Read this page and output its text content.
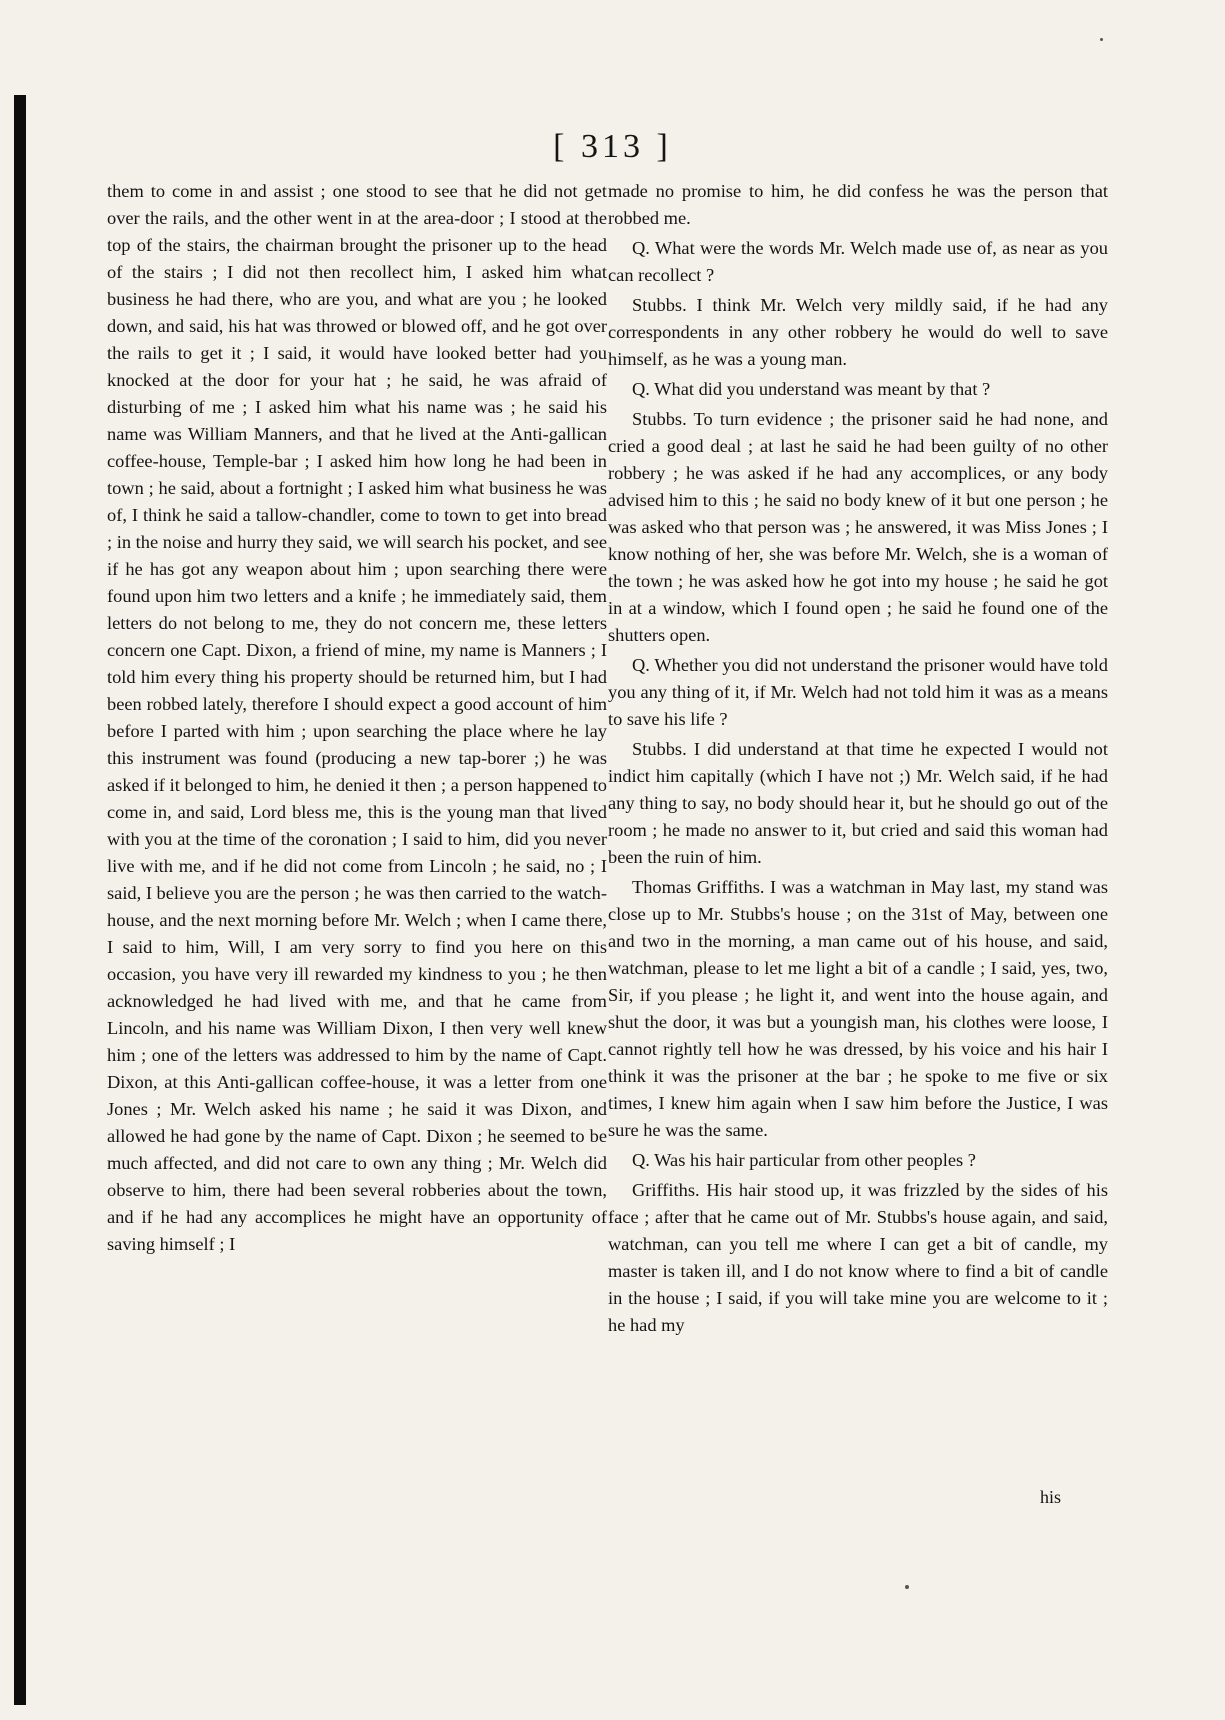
[ 313 ]

them to come in and assist ; one stood to see that he did not get over the rails, and the other went in at the area-door ; I stood at the top of the stairs, the chairman brought the prisoner up to the head of the stairs ; I did not then recollect him, I asked him what business he had there, who are you, and what are you ; he looked down, and said, his hat was throwed or blowed off, and he got over the rails to get it ; I said, it would have looked better had you knocked at the door for your hat ; he said, he was afraid of disturbing of me ; I asked him what his name was ; he said his name was William Manners, and that he lived at the Anti-gallican coffee-house, Temple-bar ; I asked him how long he had been in town ; he said, about a fortnight ; I asked him what business he was of, I think he said a tallow-chandler, come to town to get into bread ; in the noise and hurry they said, we will search his pocket, and see if he has got any weapon about him ; upon searching there were found upon him two letters and a knife ; he immediately said, them letters do not belong to me, they do not concern me, these letters concern one Capt. Dixon, a friend of mine, my name is Manners ; I told him every thing his property should be returned him, but I had been robbed lately, therefore I should expect a good account of him before I parted with him ; upon searching the place where he lay this instrument was found (producing a new tap-borer ;) he was asked if it belonged to him, he denied it then ; a person happened to come in, and said, Lord bless me, this is the young man that lived with you at the time of the coronation ; I said to him, did you never live with me, and if he did not come from Lincoln ; he said, no ; I said, I believe you are the person ; he was then carried to the watch-house, and the next morning before Mr. Welch ; when I came there, I said to him, Will, I am very sorry to find you here on this occasion, you have very ill rewarded my kindness to you ; he then acknowledged he had lived with me, and that he came from Lincoln, and his name was William Dixon, I then very well knew him ; one of the letters was addressed to him by the name of Capt. Dixon, at this Anti-gallican coffee-house, it was a letter from one Jones ; Mr. Welch asked his name ; he said it was Dixon, and allowed he had gone by the name of Capt. Dixon ; he seemed to be much affected, and did not care to own any thing ; Mr. Welch did observe to him, there had been several robberies about the town, and if he had any accomplices he might have an opportunity of saving himself ; I

made no promise to him, he did confess he was the person that robbed me.

Q. What were the words Mr. Welch made use of, as near as you can recollect ?

Stubbs. I think Mr. Welch very mildly said, if he had any correspondents in any other robbery he would do well to save himself, as he was a young man.

Q. What did you understand was meant by that ?

Stubbs. To turn evidence ; the prisoner said he had none, and cried a good deal ; at last he said he had been guilty of no other robbery ; he was asked if he had any accomplices, or any body advised him to this ; he said no body knew of it but one person ; he was asked who that person was ; he answered, it was Miss Jones ; I know nothing of her, she was before Mr. Welch, she is a woman of the town ; he was asked how he got into my house ; he said he got in at a window, which I found open ; he said he found one of the shutters open.

Q. Whether you did not understand the prisoner would have told you any thing of it, if Mr. Welch had not told him it was as a means to save his life ?

Stubbs. I did understand at that time he expected I would not indict him capitally (which I have not ;) Mr. Welch said, if he had any thing to say, no body should hear it, but he should go out of the room ; he made no answer to it, but cried and said this woman had been the ruin of him.

Thomas Griffiths. I was a watchman in May last, my stand was close up to Mr. Stubbs's house ; on the 31st of May, between one and two in the morning, a man came out of his house, and said, watchman, please to let me light a bit of a candle ; I said, yes, two, Sir, if you please ; he light it, and went into the house again, and shut the door, it was but a youngish man, his clothes were loose, I cannot rightly tell how he was dressed, by his voice and his hair I think it was the prisoner at the bar ; he spoke to me five or six times, I knew him again when I saw him before the Justice, I was sure he was the same.

Q. Was his hair particular from other peoples ?

Griffiths. His hair stood up, it was frizzled by the sides of his face ; after that he came out of Mr. Stubbs's house again, and said, watchman, can you tell me where I can get a bit of candle, my master is taken ill, and I do not know where to find a bit of candle in the house ; I said, if you will take mine you are welcome to it ; he had my

his
